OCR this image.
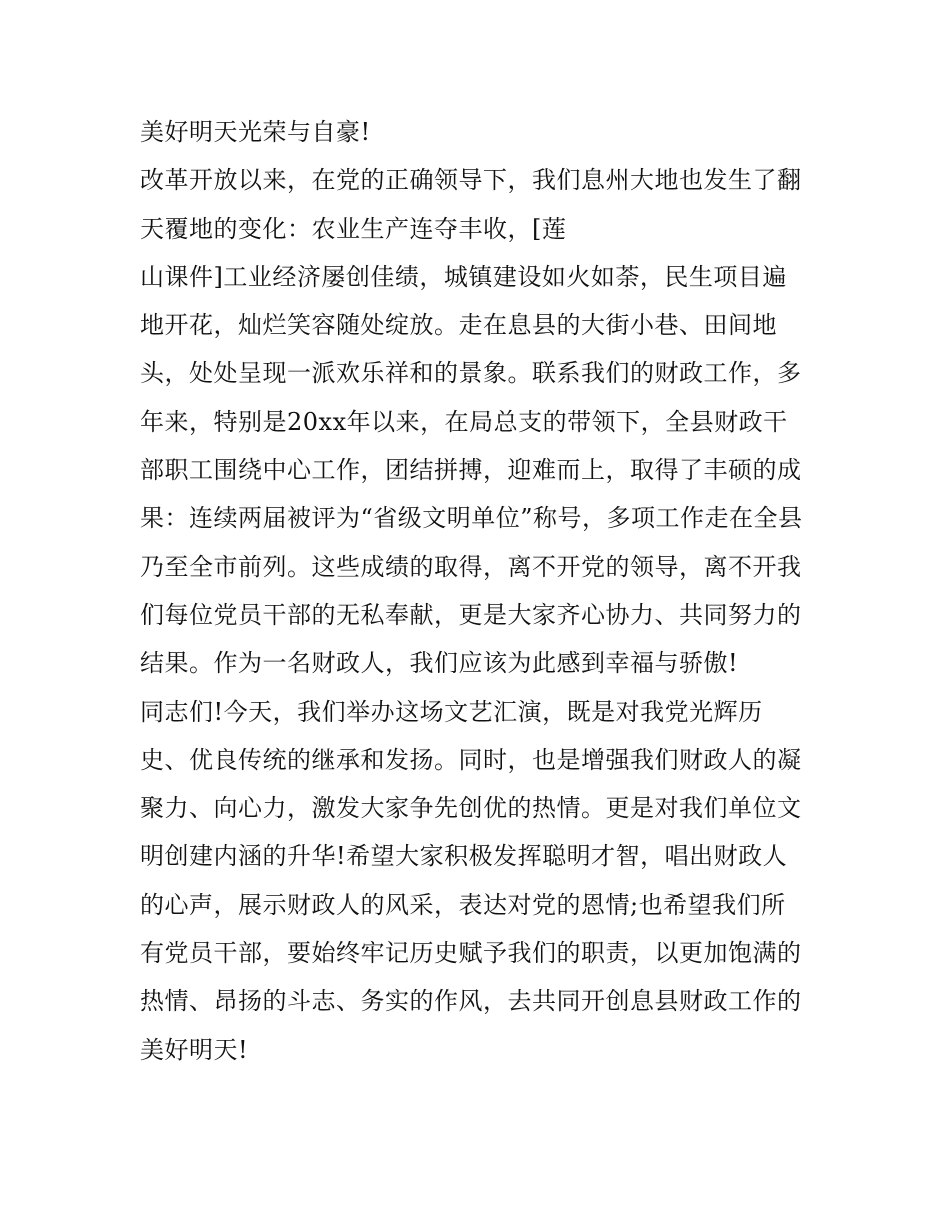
美好明天光荣与自豪!
改革开放以来，在党的正确领导下，我们息州大地也发生了翻
天覆地的变化：农业生产连夺丰收，[莲
山课件]工业经济屡创佳绩，城镇建设如火如荼，民生项目遍
地开花，灿烂笑容随处绽放。走在息县的大街小巷、田间地
头，处处呈现一派欢乐祥和的景象。联系我们的财政工作，多
年来，特别是20xx年以来，在局总支的带领下，全县财政干
部职工围绕中心工作，团结拼搏，迎难而上，取得了丰硕的成
果：连续两届被评为“省级文明单位”称号，多项工作走在全县
乃至全市前列。这些成绩的取得，离不开党的领导，离不开我
们每位党员干部的无私奉献，更是大家齐心协力、共同努力的
结果。作为一名财政人，我们应该为此感到幸福与骄傲!
同志们!今天，我们举办这场文艺汇演，既是对我党光辉历
史、优良传统的继承和发扬。同时，也是增强我们财政人的凝
聚力、向心力，激发大家争先创优的热情。更是对我们单位文
明创建内涵的升华!希望大家积极发挥聪明才智，唱出财政人
的心声，展示财政人的风采，表达对党的恩情;也希望我们所
有党员干部，要始终牢记历史赋予我们的职责，以更加饱满的
热情、昂扬的斗志、务实的作风，去共同开创息县财政工作的
美好明天!
